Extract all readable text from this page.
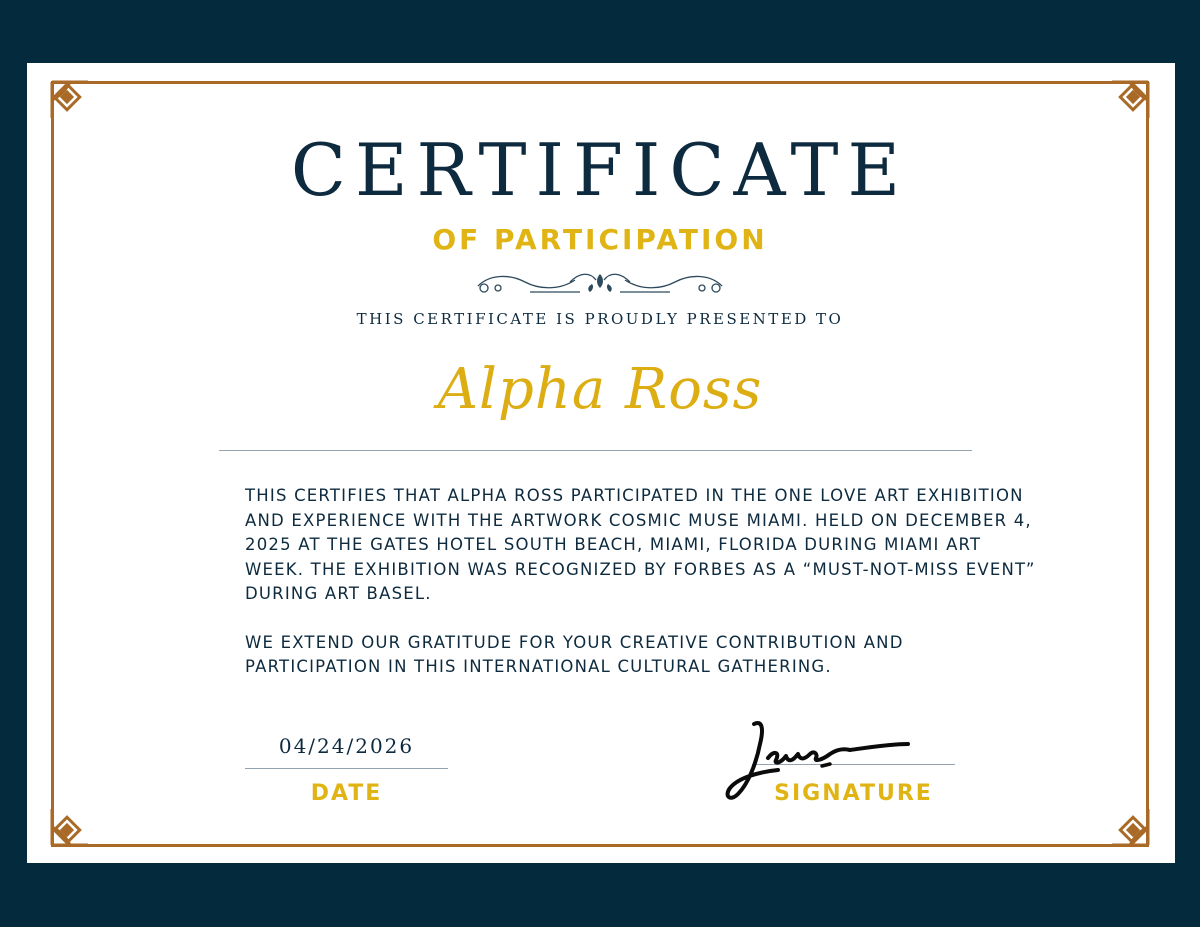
CERTIFICATE
OF PARTICIPATION
THIS CERTIFICATE IS PROUDLY PRESENTED TO
Alpha Ross

THIS CERTIFIES THAT ALPHA ROSS PARTICIPATED IN THE ONE LOVE ART EXHIBITION AND EXPERIENCE WITH THE ARTWORK COSMIC MUSE MIAMI. HELD ON DECEMBER 4, 2025 AT THE GATES HOTEL SOUTH BEACH, MIAMI, FLORIDA DURING MIAMI ART WEEK. THE EXHIBITION WAS RECOGNIZED BY FORBES AS A “MUST-NOT-MISS EVENT” DURING ART BASEL.

WE EXTEND OUR GRATITUDE FOR YOUR CREATIVE CONTRIBUTION AND PARTICIPATION IN THIS INTERNATIONAL CULTURAL GATHERING.

04/24/2026
DATE	SIGNATURE
